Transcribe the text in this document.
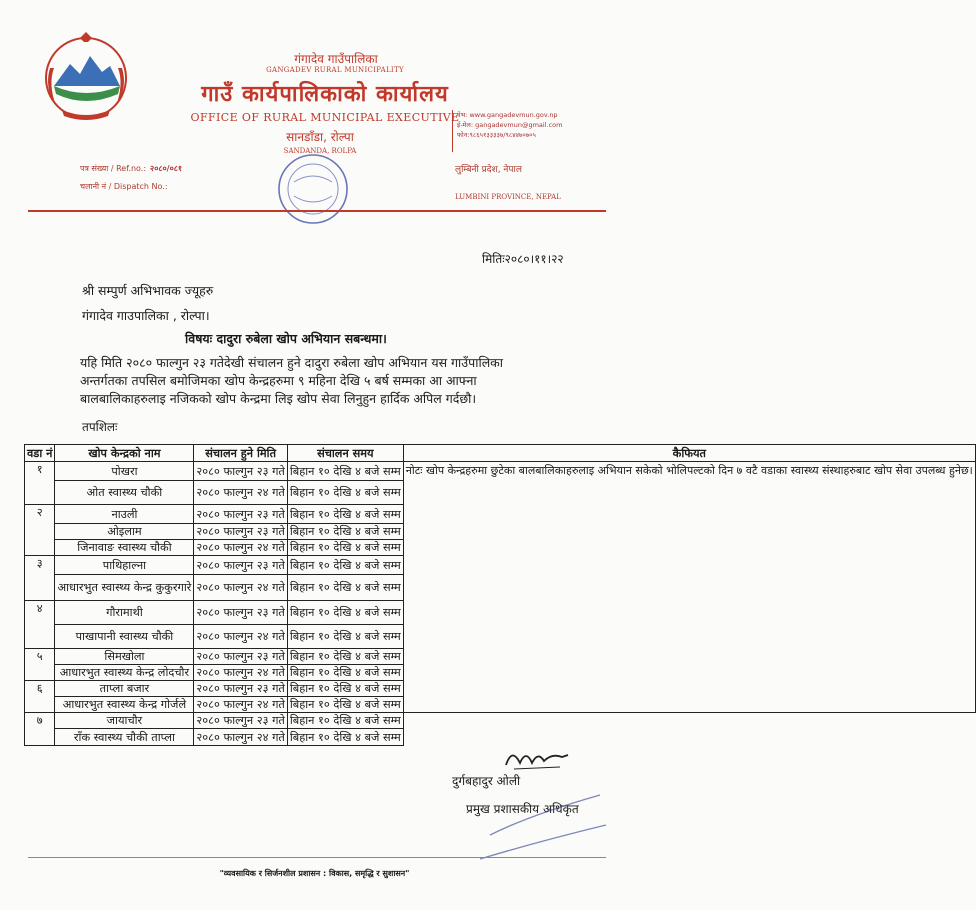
गंगादेव गाउँपालिका
GANGADEV RURAL MUNICIPALITY
गाउँ कार्यपालिकाको कार्यालय
OFFICE OF RURAL MUNICIPAL EXECUTIVE
सानडाँडा, रोल्पा
SANDANDA, ROLPA
वेभ: www.gangadevmun.gov.np
ई-मेल: gangadevmun@gmail.com
फोन:९८६५१३३३३७/९८४४७०७०५
पत्र संख्या / Ref.no.: २०८०/०८१
चलानी नं / Dispatch No.:
लुम्बिनी प्रदेश, नेपाल
LUMBINI PROVINCE, NEPAL
मितिः२०८०।११।२२
श्री सम्पुर्ण अभिभावक ज्यूहरु
गंगादेव गाउपालिका , रोल्पा।
विषयः दादुरा रुबेला खोप अभियान सबन्धमा।
यहि मिति २०८० फाल्गुन २३ गतेदेखी संचालन हुने दादुरा रुबेला खोप अभियान यस गाउँपालिका अन्तर्गतका तपसिल बमोजिमका खोप केन्द्रहरुमा ९ महिना देखि ५ बर्ष सम्मका आ आफ्ना बालबालिकाहरुलाइ नजिकको खोप केन्द्रमा लिइ खोप सेवा लिनुहुन हार्दिक अपिल गर्दछौ।
तपशिलः
वडा नं	खोप केन्द्रको नाम	संचालन हुने मिति	संचालन समय	कैफियत
१	पोखरा	२०८० फाल्गुन २३ गते	बिहान १० देखि ४ बजे सम्म	नोटः खोप केन्द्रहरुमा छुटेका बालबालिकाहरुलाइ अभियान सकेको भोलिपल्टको दिन ७ वटै वडाका स्वास्थ्य संस्थाहरुबाट खोप सेवा उपलब्ध हुनेछ।
	ओत स्वास्थ्य चौकी	२०८० फाल्गुन २४ गते	बिहान १० देखि ४ बजे सम्म	
२	नाउली	२०८० फाल्गुन २३ गते	बिहान १० देखि ४ बजे सम्म	
	ओइलाम	२०८० फाल्गुन २३ गते	बिहान १० देखि ४ बजे सम्म	
	जिनावाङ स्वास्थ्य चौकी	२०८० फाल्गुन २४ गते	बिहान १० देखि ४ बजे सम्म	
३	पाथिहाल्ना	२०८० फाल्गुन २३ गते	बिहान १० देखि ४ बजे सम्म	
	आधारभुत स्वास्थ्य केन्द्र कुकुरगारे	२०८० फाल्गुन २४ गते	बिहान १० देखि ४ बजे सम्म	
४	गौरामाथी	२०८० फाल्गुन २३ गते	बिहान १० देखि ४ बजे सम्म	
	पाखापानी स्वास्थ्य चौकी	२०८० फाल्गुन २४ गते	बिहान १० देखि ४ बजे सम्म	
५	सिमखोला	२०८० फाल्गुन २३ गते	बिहान १० देखि ४ बजे सम्म	
	आधारभुत स्वास्थ्य केन्द्र लोदचौर	२०८० फाल्गुन २४ गते	बिहान १० देखि ४ बजे सम्म	
६	ताप्ला बजार	२०८० फाल्गुन २३ गते	बिहान १० देखि ४ बजे सम्म	
	आधारभुत स्वास्थ्य केन्द्र गोर्जले	२०८० फाल्गुन २४ गते	बिहान १० देखि ४ बजे सम्म	
७	जायाचौर	२०८० फाल्गुन २३ गते	बिहान १० देखि ४ बजे सम्म	
	राँक स्वास्थ्य चौकी ताप्ला	२०८० फाल्गुन २४ गते	बिहान १० देखि ४ बजे सम्म	
दुर्गबहादुर ओली
प्रमुख प्रशासकीय अधिकृत
"व्यवसायिक र सिर्जनशील प्रशासन : विकास, समृद्धि र सुशासन"
